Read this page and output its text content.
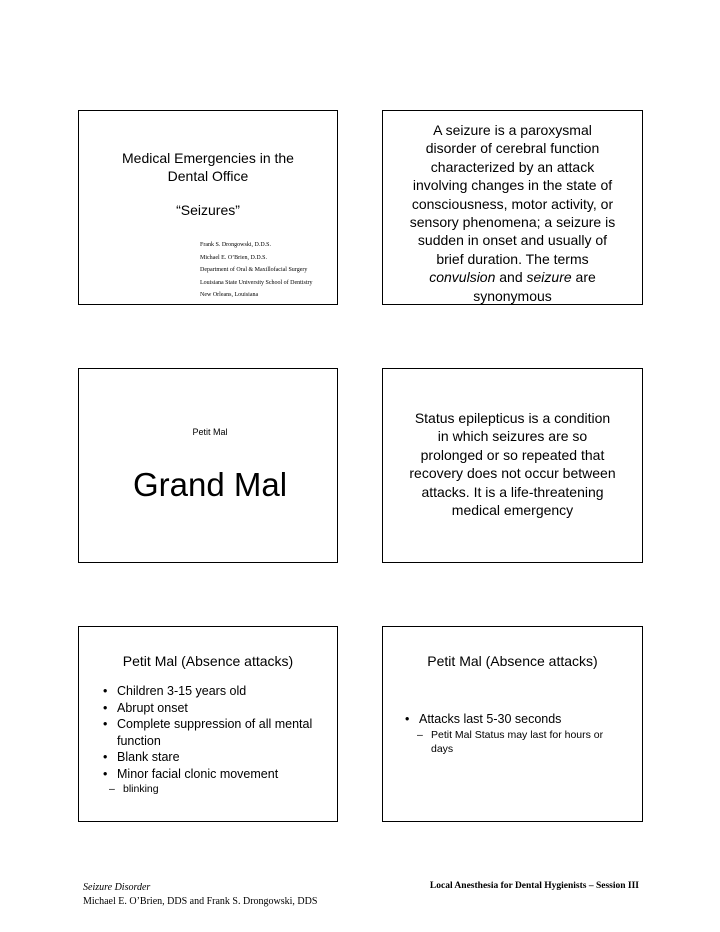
Medical Emergencies in the
Dental Office
“Seizures”
Frank S. Drongowski, D.D.S.
Michael E. O’Brien, D.D.S.
Department of Oral & Maxillofacial Surgery
Louisiana State University School of Dentistry
New Orleans, Louisiana
A seizure is a paroxysmal
disorder of cerebral function
characterized by an attack
involving changes in the state of
consciousness, motor activity, or
sensory phenomena; a seizure is
sudden in onset and usually of
brief duration. The terms
convulsion and seizure are
synonymous
Petit Mal
Grand Mal
Status epilepticus is a condition
in which seizures are so
prolonged or so repeated that
recovery does not occur between
attacks. It is a life-threatening
medical emergency
Petit Mal (Absence attacks)
• Children 3-15 years old
• Abrupt onset
• Complete suppression of all mental function
• Blank stare
• Minor facial clonic movement
– blinking
Petit Mal (Absence attacks)
• Attacks last 5-30 seconds
– Petit Mal Status may last for hours or days
Seizure Disorder
Michael E. O’Brien, DDS and Frank S. Drongowski, DDS
Local Anesthesia for Dental Hygienists – Session III
